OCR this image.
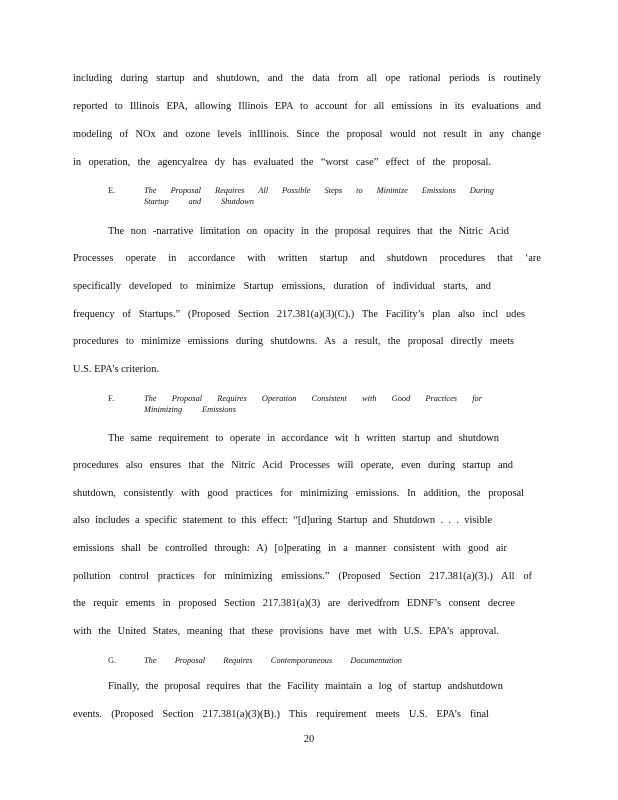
including during startup and shutdown, and the data from all ope rational periods is routinely
reported to Illinois EPA, allowing Illinois EPA to account for all emissions in its evaluations and
modeling of NOx and ozone levels inIllinois. Since the proposal would not result in any change
in operation, the agencyalrea dy has evaluated the “worst case” effect of the proposal.
E.	The Proposal Requires All Possible Steps to Minimize Emissions During
Startup and Shutdown
The non -narrative limitation on opacity in the proposal requires that the Nitric Acid
Processes operate in accordance with written startup and shutdown procedures that ‘are
specifically developed to minimize Startup emissions, duration of individual starts, and
frequency of Startups.” (Proposed Section 217.381(a)(3)(C).) The Facility’s plan also incl udes
procedures to minimize emissions during shutdowns. As a result, the proposal directly meets
U.S. EPA’s criterion.
F.	The Proposal Requires Operation Consistent with Good Practices for
Minimizing Emissions
The same requirement to operate in accordance wit h written startup and shutdown
procedures also ensures that the Nitric Acid Processes will operate, even during startup and
shutdown, consistently with good practices for minimizing emissions. In addition, the proposal
also includes a specific statement to this effect: “[d]uring Startup and Shutdown . . . visible
emissions shall be controlled through: A) [o]perating in a manner consistent with good air
pollution control practices for minimizing emissions.” (Proposed Section 217.381(a)(3).) All of
the requir ements in proposed Section 217.381(a)(3) are derivedfrom EDNF’s consent decree
with the United States, meaning that these provisions have met with U.S. EPA’s approval.
G.	The Proposal Requires Contemporaneous Documentation
Finally, the proposal requires that the Facility maintain a log of startup andshutdown
events. (Proposed Section 217.381(a)(3)(B).) This requirement meets U.S. EPA’s final
20
